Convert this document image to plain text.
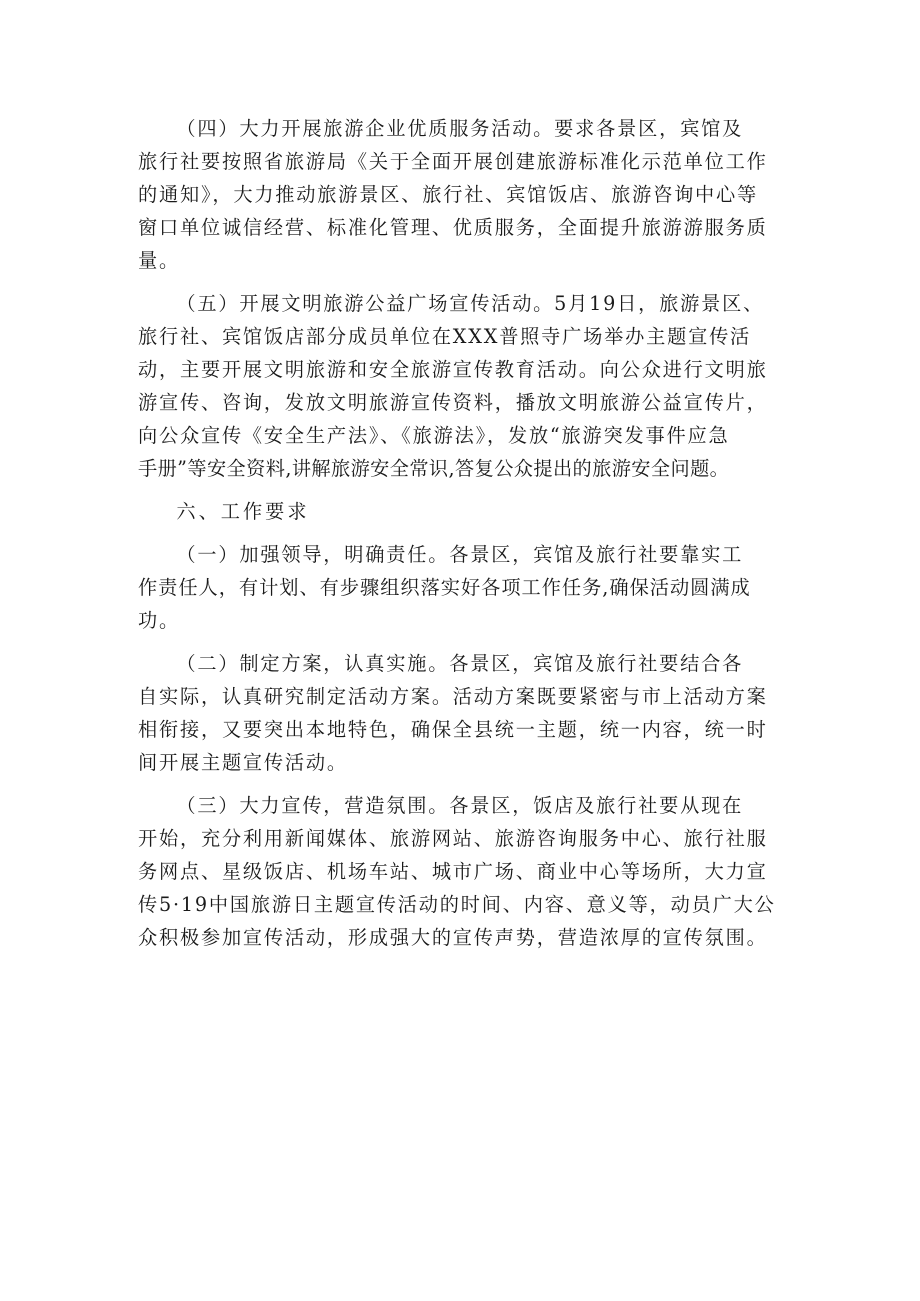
（四）大力开展旅游企业优质服务活动。要求各景区，宾馆及
旅行社要按照省旅游局《关于全面开展创建旅游标准化示范单位工作
的通知》，大力推动旅游景区、旅行社、宾馆饭店、旅游咨询中心等
窗口单位诚信经营、标准化管理、优质服务，全面提升旅游游服务质
量。
（五）开展文明旅游公益广场宣传活动。5月19日，旅游景区、
旅行社、宾馆饭店部分成员单位在XXX普照寺广场举办主题宣传活
动，主要开展文明旅游和安全旅游宣传教育活动。向公众进行文明旅
游宣传、咨询，发放文明旅游宣传资料，播放文明旅游公益宣传片，
向公众宣传《安全生产法》、《旅游法》，发放“旅游突发事件应急
手册”等安全资料,讲解旅游安全常识,答复公众提出的旅游安全问题。
六、工作要求
（一）加强领导，明确责任。各景区，宾馆及旅行社要靠实工
作责任人，有计划、有步骤组织落实好各项工作任务,确保活动圆满成
功。
（二）制定方案，认真实施。各景区，宾馆及旅行社要结合各
自实际，认真研究制定活动方案。活动方案既要紧密与市上活动方案
相衔接，又要突出本地特色，确保全县统一主题，统一内容，统一时
间开展主题宣传活动。
（三）大力宣传，营造氛围。各景区，饭店及旅行社要从现在
开始，充分利用新闻媒体、旅游网站、旅游咨询服务中心、旅行社服
务网点、星级饭店、机场车站、城市广场、商业中心等场所，大力宣
传5·19中国旅游日主题宣传活动的时间、内容、意义等，动员广大公
众积极参加宣传活动，形成强大的宣传声势，营造浓厚的宣传氛围。
